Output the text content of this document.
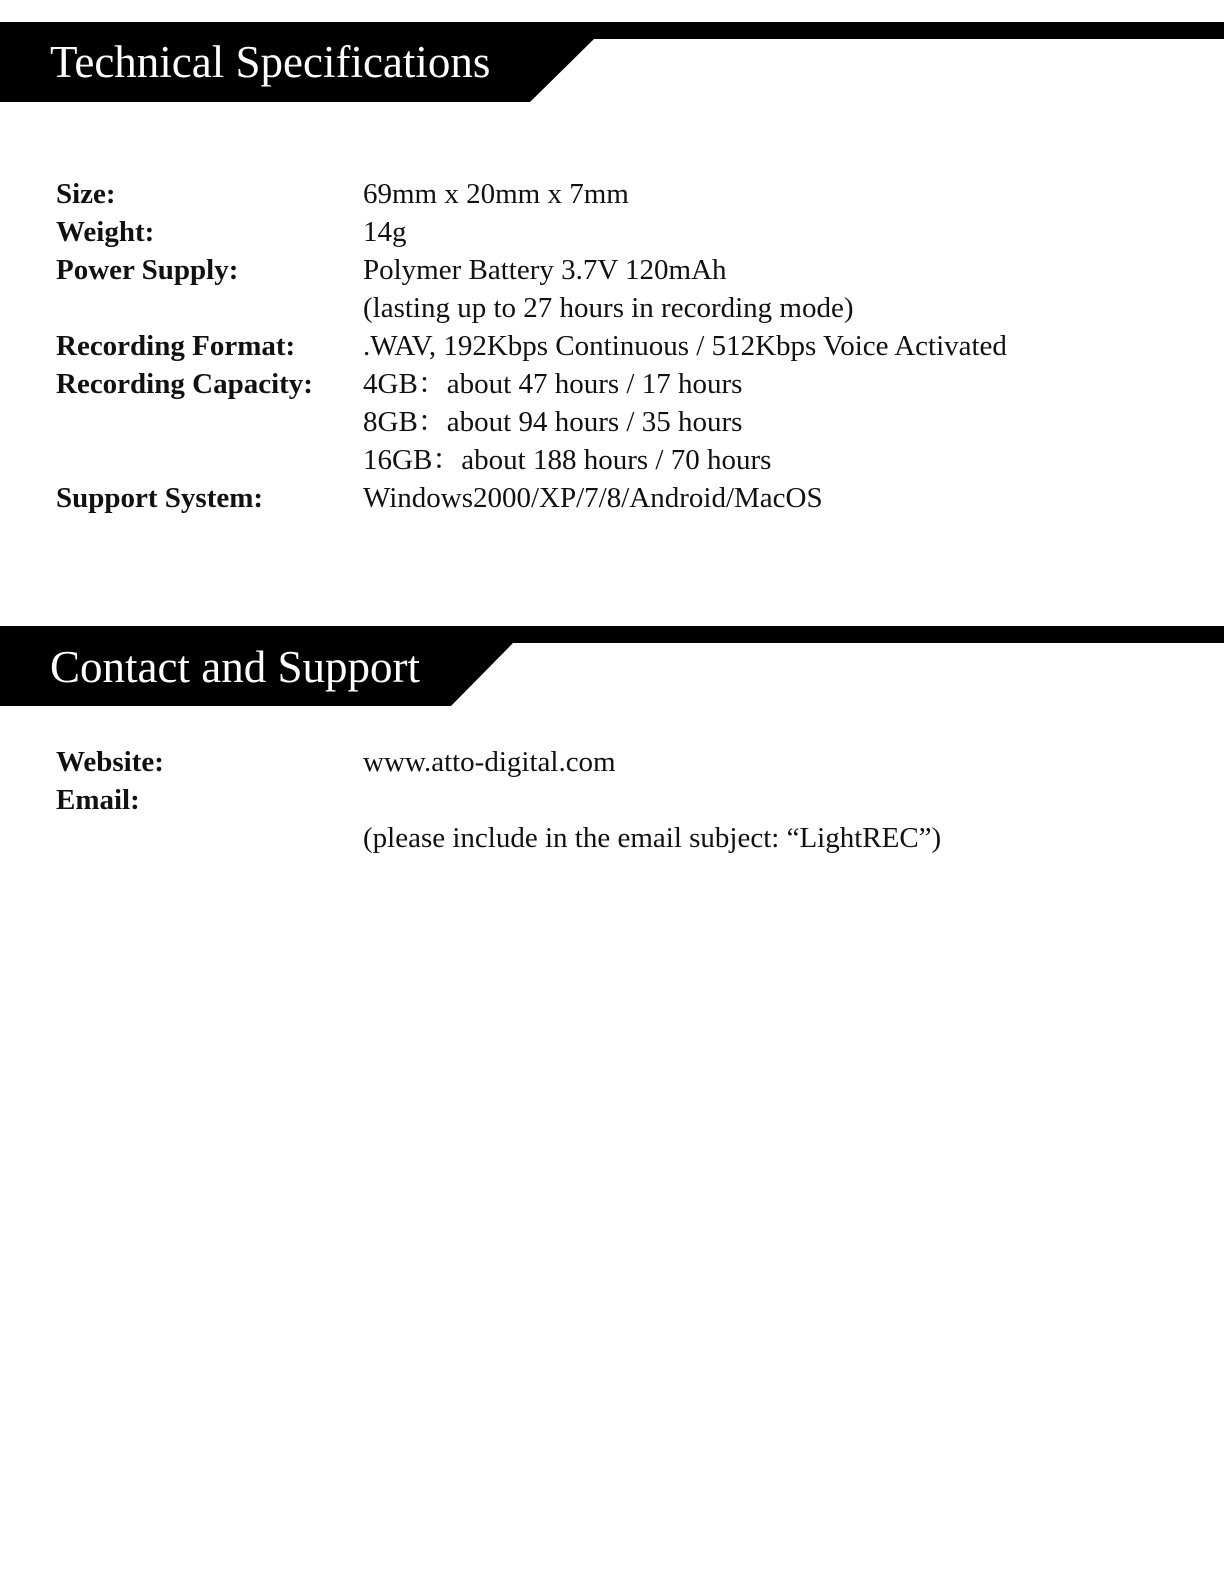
Technical Specifications
Size:	69mm x 20mm x 7mm
Weight:	14g
Power Supply:	Polymer Battery 3.7V 120mAh
(lasting up to 27 hours in recording mode)
Recording Format: .WAV, 192Kbps Continuous / 512Kbps Voice Activated
Recording Capacity: 4GB：about 47 hours / 17 hours
8GB：about 94 hours / 35 hours
16GB：about 188 hours / 70 hours
Support System:	Windows2000/XP/7/8/Android/MacOS
Contact and Support
Website:	www.atto-digital.com
Email:
(please include in the email subject: “LightREC”)
